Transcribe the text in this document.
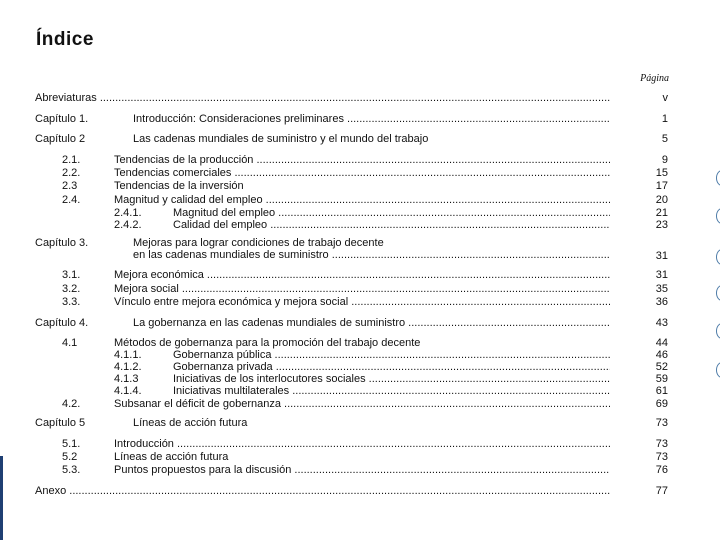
Índice
Página
Abreviaturas .....	v
Capítulo 1.	Introducción: Consideraciones preliminares .....	1
Capítulo 2	Las cadenas mundiales de suministro y el mundo del trabajo	5
2.1.	Tendencias de la producción .....	9
2.2.	Tendencias comerciales .....	15
2.3	Tendencias de la inversión	17
2.4.	Magnitud y calidad del empleo .....	20
2.4.1.	Magnitud del empleo .....	21
2.4.2.	Calidad del empleo .....	23
Capítulo 3.	Mejoras para lograr condiciones de trabajo decente
en las cadenas mundiales de suministro .....	31
3.1.	Mejora económica .....	31
3.2.	Mejora social .....	35
3.3.	Vínculo entre mejora económica y mejora social .....	36
Capítulo 4.	La gobernanza en las cadenas mundiales de suministro .....	43
4.1	Métodos de gobernanza para la promoción del trabajo decente	44
4.1.1.	Gobernanza pública .....	46
4.1.2.	Gobernanza privada .....	52
4.1.3	Iniciativas de los interlocutores sociales .....	59
4.1.4.	Iniciativas multilaterales .....	61
4.2.	Subsanar el déficit de gobernanza .....	69
Capítulo 5	Líneas de acción futura	73
5.1.	Introducción .....	73
5.2	Líneas de acción futura	73
5.3.	Puntos propuestos para la discusión .....	76
Anexo .....	77
